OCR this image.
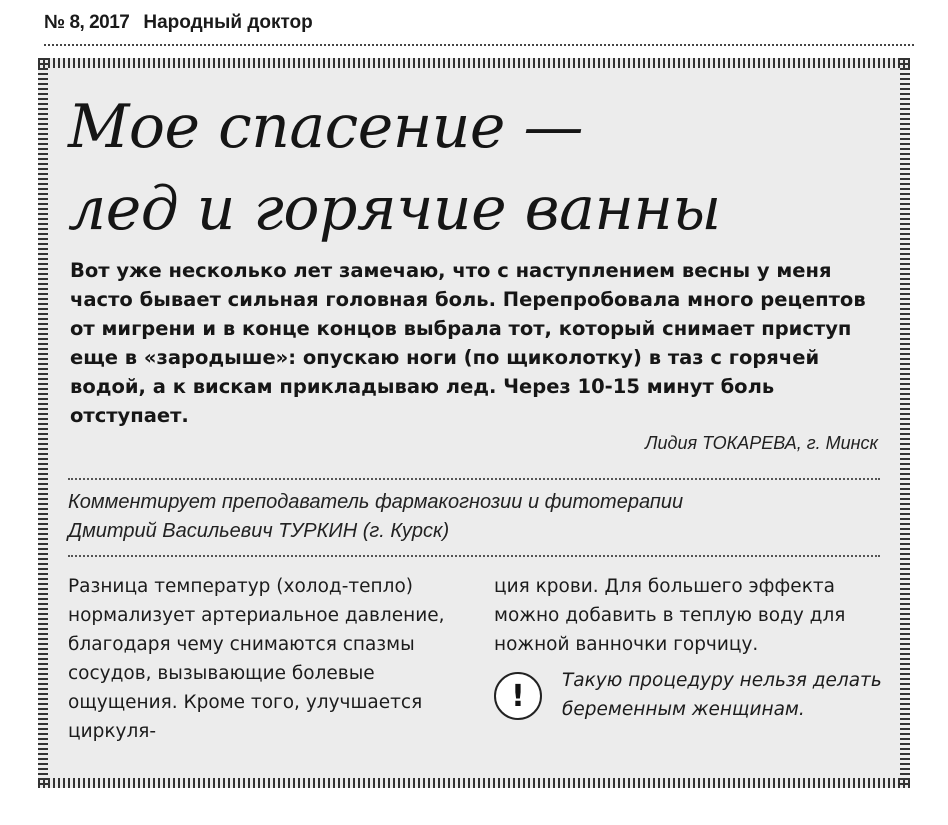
№ 8, 2017 Народный доктор
Мое спасение —
лед и горячие ванны

Вот уже несколько лет замечаю, что с наступлением весны у меня часто бывает сильная головная боль. Перепробовала много рецептов от мигрени и в конце концов выбрала тот, который снимает приступ еще в «зародыше»: опускаю ноги (по щиколотку) в таз с горячей водой, а к вискам прикладываю лед. Через 10-15 минут боль отступает.

Лидия ТОКАРЕВА, г. Минск

Комментирует преподаватель фармакогнозии и фитотерапии
Дмитрий Васильевич ТУРКИН (г. Курск)

Разница температур (холод-тепло) нормализует артериальное давление, благодаря чему снимаются спазмы сосудов, вызывающие болевые ощущения. Кроме того, улучшается циркуля-

ция крови. Для большего эффекта можно добавить в теплую воду для ножной ванночки горчицу.

!	Такую процедуру нельзя делать беременным женщинам.
